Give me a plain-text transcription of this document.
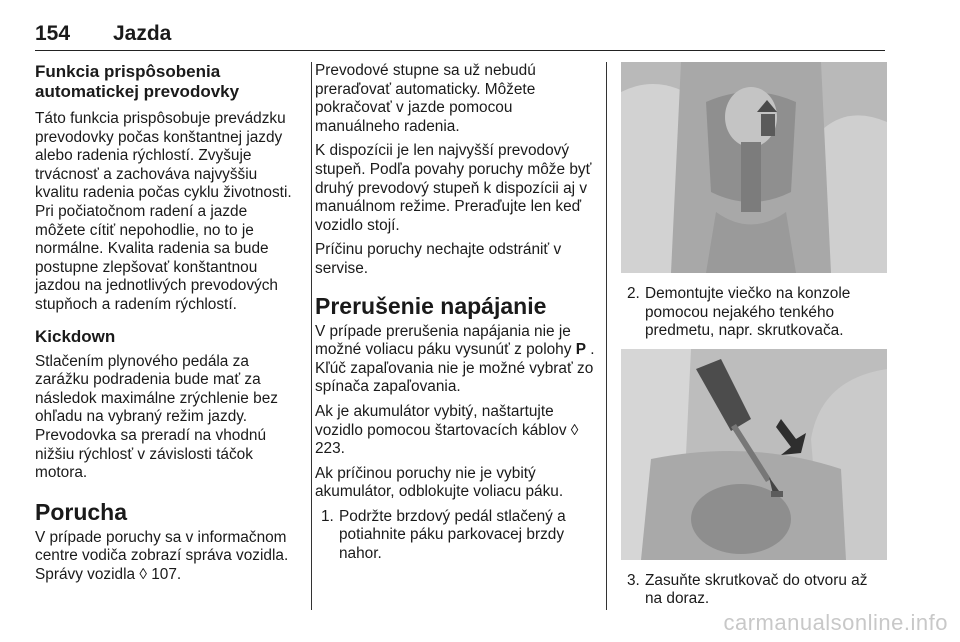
154 Jazda
Funkcia prispôsobenia automatickej prevodovky

Táto funkcia prispôsobuje prevádzku prevodovky počas konštantnej jazdy alebo radenia rýchlostí. Zvyšuje trvácnosť a zachováva najvyššiu kvalitu radenia počas cyklu životnosti. Pri počiatočnom radení a jazde môžete cítiť nepohodlie, no to je normálne. Kvalita radenia sa bude postupne zlepšovať konštantnou jazdou na jednotlivých prevodových stupňoch a radením rýchlostí.

Kickdown

Stlačením plynového pedála za zarážku podradenia bude mať za následok maximálne zrýchlenie bez ohľadu na vybraný režim jazdy. Prevodovka sa preradí na vhodnú nižšiu rýchlosť v závislosti táčok motora.

Porucha

V prípade poruchy sa v informačnom centre vodiča zobrazí správa vozidla. Správy vozidla ◊ 107.

Prevodové stupne sa už nebudú preraďovať automaticky. Môžete pokračovať v jazde pomocou manuálneho radenia.

K dispozícii je len najvyšší prevodový stupeň. Podľa povahy poruchy môže byť druhý prevodový stupeň k dispozícii aj v manuálnom režime. Preraďujte len keď vozidlo stojí.

Príčinu poruchy nechajte odstrániť v servise.

Prerušenie napájanie

V prípade prerušenia napájania nie je možné voliacu páku vysunúť z polohy P . Kľúč zapaľovania nie je možné vybrať zo spínača zapaľovania.

Ak je akumulátor vybitý, naštartujte vozidlo pomocou štartovacích káblov ◊ 223.

Ak príčinou poruchy nie je vybitý akumulátor, odblokujte voliacu páku.

1. Podržte brzdový pedál stlačený a potiahnite páku parkovacej brzdy nahor.
2. Demontujte viečko na konzole pomocou nejakého tenkého predmetu, napr. skrutkovača.
3. Zasuňte skrutkovač do otvoru až na doraz.
carmanualsonline.info
